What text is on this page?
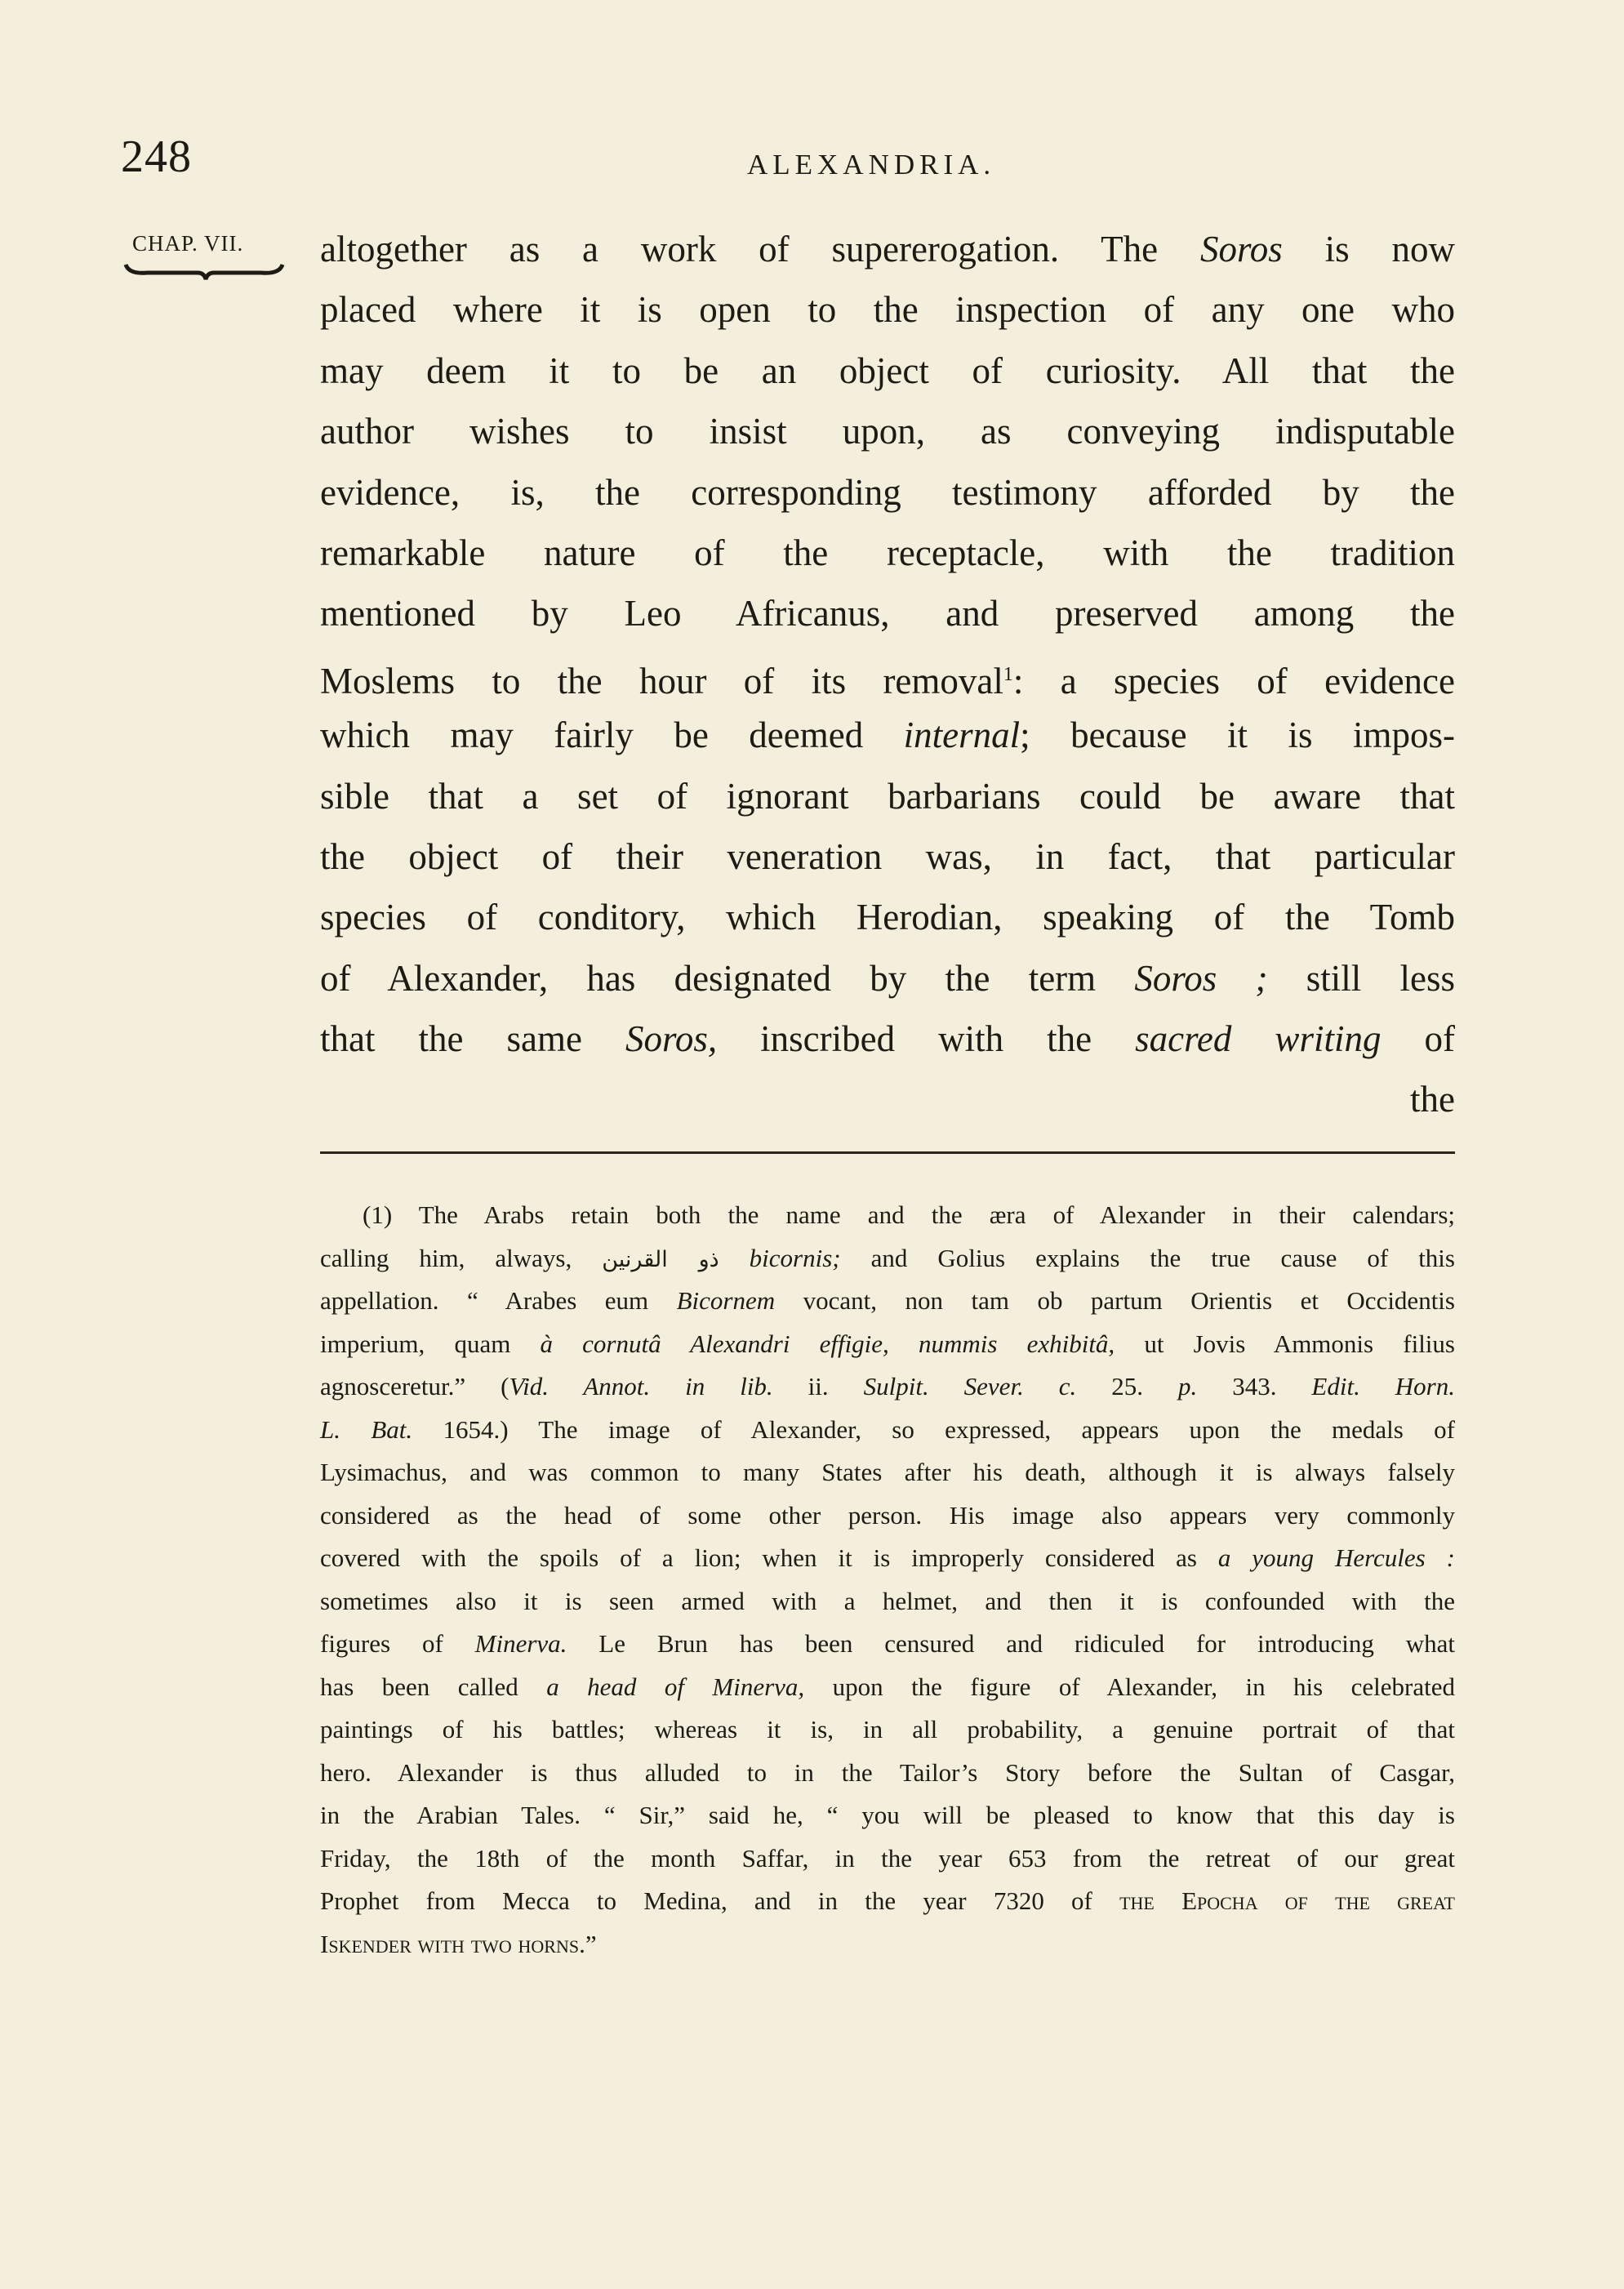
248	ALEXANDRIA.
CHAP. VII. altogether as a work of supererogation. The Soros is now
placed where it is open to the inspection of any one who
may deem it to be an object of curiosity. All that the
author wishes to insist upon, as conveying indisputable
evidence, is, the corresponding testimony afforded by the
remarkable nature of the receptacle, with the tradition
mentioned by Leo Africanus, and preserved among the
Moslems to the hour of its removal$^1$: a species of evidence
which may fairly be deemed internal; because it is impos-
sible that a set of ignorant barbarians could be aware that
the object of their veneration was, in fact, that particular
species of conditory, which Herodian, speaking of the Tomb
of Alexander, has designated by the term Soros ; still less
that the same Soros, inscribed with the sacred writing of
the
(1) The Arabs retain both the name and the æra of Alexander in their calendars;
calling him, always, ذو القرنين bicornis; and Golius explains the true cause of this
appellation. “ Arabes eum Bicornem vocant, non tam ob partum Orientis et Occidentis
imperium, quam à cornutâ Alexandri effigie, nummis exhibitâ, ut Jovis Ammonis filius
agnosceretur.” (Vid. Annot. in lib. ii. Sulpit. Sever. c. 25. p. 343. Edit. Horn.
L. Bat. 1654.) The image of Alexander, so expressed, appears upon the medals of
Lysimachus, and was common to many States after his death, although it is always falsely
considered as the head of some other person. His image also appears very commonly
covered with the spoils of a lion; when it is improperly considered as a young Hercules :
sometimes also it is seen armed with a helmet, and then it is confounded with the
figures of Minerva. Le Brun has been censured and ridiculed for introducing what
has been called a head of Minerva, upon the figure of Alexander, in his celebrated
paintings of his battles; whereas it is, in all probability, a genuine portrait of that
hero. Alexander is thus alluded to in the Tailor’s Story before the Sultan of Casgar,
in the Arabian Tales. “ Sir,” said he, “ you will be pleased to know that this day is
Friday, the 18th of the month Saffar, in the year 653 from the retreat of our great
Prophet from Mecca to Medina, and in the year 7320 of the Epocha of the great
Iskender with two horns.”
